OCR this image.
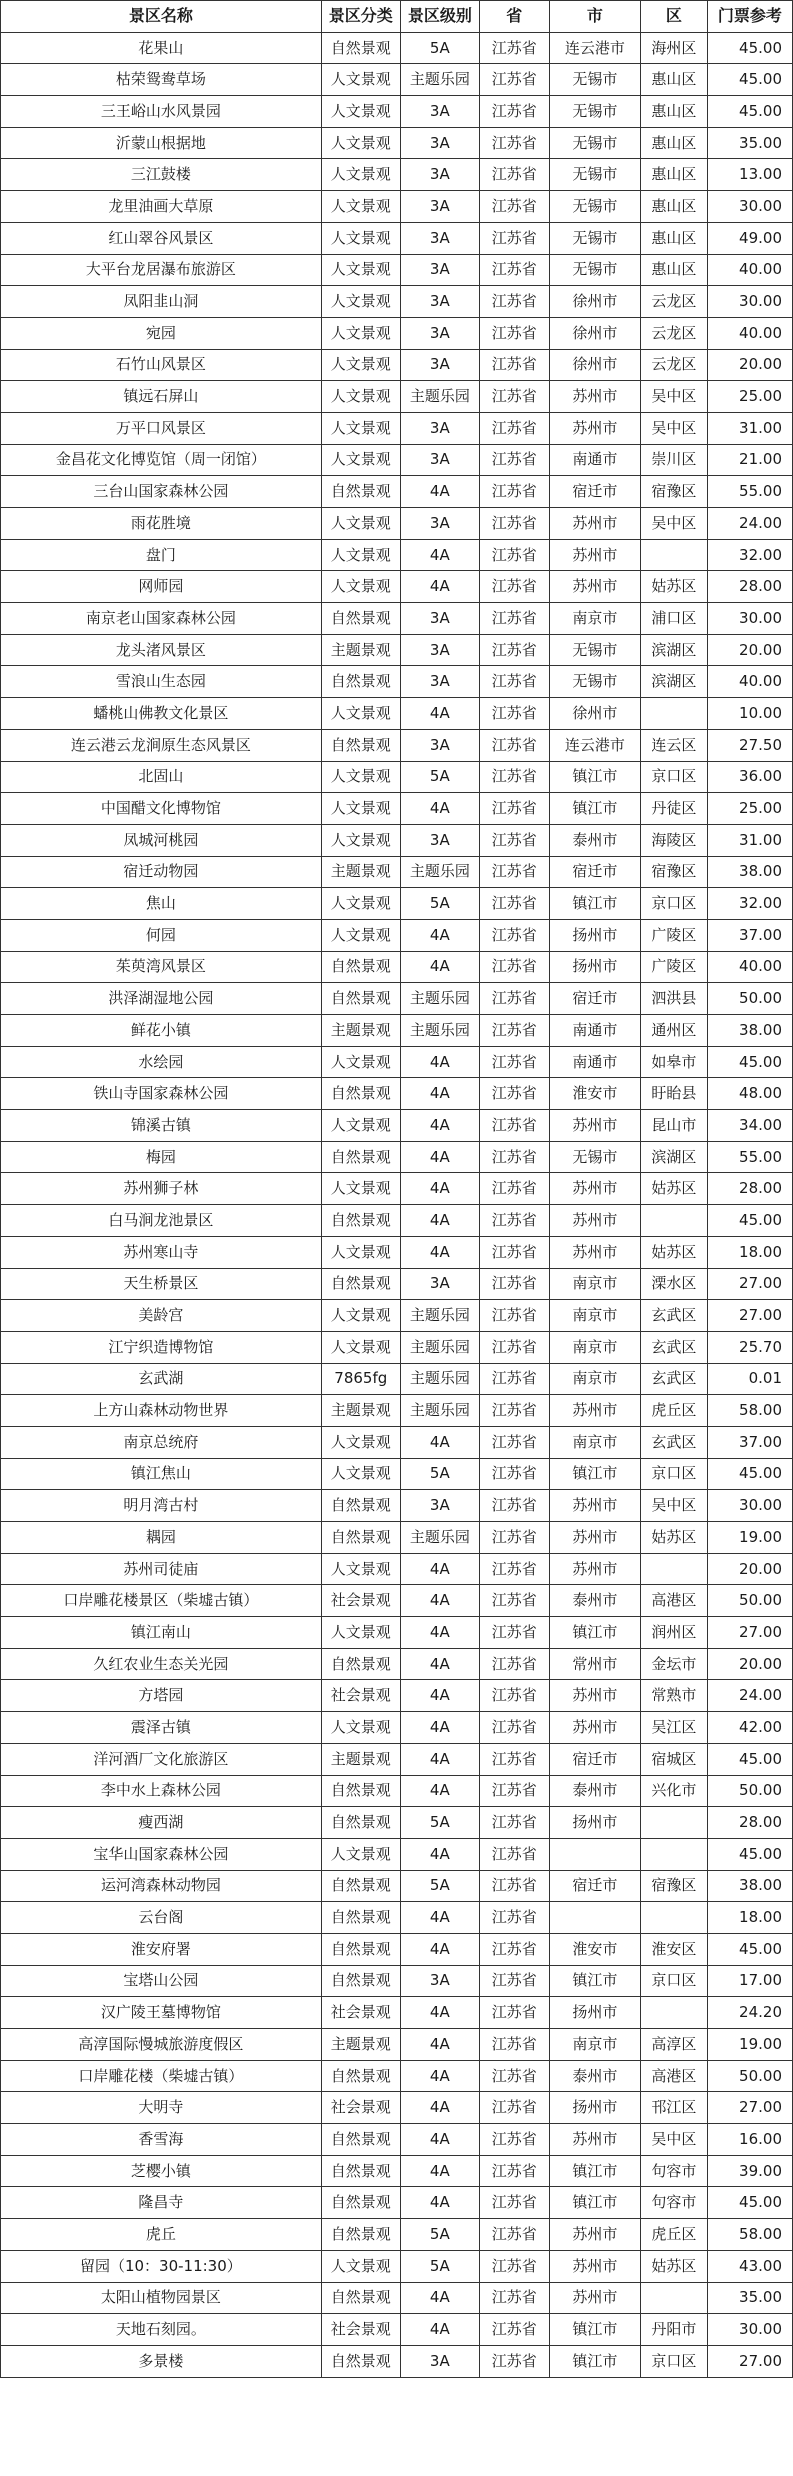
景区名称	景区分类	景区级别	省	市	区	门票参考
花果山	自然景观	5A	江苏省	连云港市	海州区	45.00
枯荣鸳鸯草场	人文景观	主题乐园	江苏省	无锡市	惠山区	45.00
三王峪山水风景园	人文景观	3A	江苏省	无锡市	惠山区	45.00
沂蒙山根据地	人文景观	3A	江苏省	无锡市	惠山区	35.00
三江鼓楼	人文景观	3A	江苏省	无锡市	惠山区	13.00
龙里油画大草原	人文景观	3A	江苏省	无锡市	惠山区	30.00
红山翠谷风景区	人文景观	3A	江苏省	无锡市	惠山区	49.00
大平台龙居瀑布旅游区	人文景观	3A	江苏省	无锡市	惠山区	40.00
凤阳韭山洞	人文景观	3A	江苏省	徐州市	云龙区	30.00
宛园	人文景观	3A	江苏省	徐州市	云龙区	40.00
石竹山风景区	人文景观	3A	江苏省	徐州市	云龙区	20.00
镇远石屏山	人文景观	主题乐园	江苏省	苏州市	吴中区	25.00
万平口风景区	人文景观	3A	江苏省	苏州市	吴中区	31.00
金昌花文化博览馆（周一闭馆）	人文景观	3A	江苏省	南通市	崇川区	21.00
三台山国家森林公园	自然景观	4A	江苏省	宿迁市	宿豫区	55.00
雨花胜境	人文景观	3A	江苏省	苏州市	吴中区	24.00
盘门	人文景观	4A	江苏省	苏州市		32.00
网师园	人文景观	4A	江苏省	苏州市	姑苏区	28.00
南京老山国家森林公园	自然景观	3A	江苏省	南京市	浦口区	30.00
龙头渚风景区	主题景观	3A	江苏省	无锡市	滨湖区	20.00
雪浪山生态园	自然景观	3A	江苏省	无锡市	滨湖区	40.00
蟠桃山佛教文化景区	人文景观	4A	江苏省	徐州市		10.00
连云港云龙涧原生态风景区	自然景观	3A	江苏省	连云港市	连云区	27.50
北固山	人文景观	5A	江苏省	镇江市	京口区	36.00
中国醋文化博物馆	人文景观	4A	江苏省	镇江市	丹徒区	25.00
凤城河桃园	人文景观	3A	江苏省	泰州市	海陵区	31.00
宿迁动物园	主题景观	主题乐园	江苏省	宿迁市	宿豫区	38.00
焦山	人文景观	5A	江苏省	镇江市	京口区	32.00
何园	人文景观	4A	江苏省	扬州市	广陵区	37.00
茱萸湾风景区	自然景观	4A	江苏省	扬州市	广陵区	40.00
洪泽湖湿地公园	自然景观	主题乐园	江苏省	宿迁市	泗洪县	50.00
鲜花小镇	主题景观	主题乐园	江苏省	南通市	通州区	38.00
水绘园	人文景观	4A	江苏省	南通市	如皋市	45.00
铁山寺国家森林公园	自然景观	4A	江苏省	淮安市	盱眙县	48.00
锦溪古镇	人文景观	4A	江苏省	苏州市	昆山市	34.00
梅园	自然景观	4A	江苏省	无锡市	滨湖区	55.00
苏州狮子林	人文景观	4A	江苏省	苏州市	姑苏区	28.00
白马涧龙池景区	自然景观	4A	江苏省	苏州市		45.00
苏州寒山寺	人文景观	4A	江苏省	苏州市	姑苏区	18.00
天生桥景区	自然景观	3A	江苏省	南京市	溧水区	27.00
美龄宫	人文景观	主题乐园	江苏省	南京市	玄武区	27.00
江宁织造博物馆	人文景观	主题乐园	江苏省	南京市	玄武区	25.70
玄武湖	7865fg	主题乐园	江苏省	南京市	玄武区	0.01
上方山森林动物世界	主题景观	主题乐园	江苏省	苏州市	虎丘区	58.00
南京总统府	人文景观	4A	江苏省	南京市	玄武区	37.00
镇江焦山	人文景观	5A	江苏省	镇江市	京口区	45.00
明月湾古村	自然景观	3A	江苏省	苏州市	吴中区	30.00
耦园	自然景观	主题乐园	江苏省	苏州市	姑苏区	19.00
苏州司徒庙	人文景观	4A	江苏省	苏州市		20.00
口岸雕花楼景区（柴墟古镇）	社会景观	4A	江苏省	泰州市	高港区	50.00
镇江南山	人文景观	4A	江苏省	镇江市	润州区	27.00
久红农业生态关光园	自然景观	4A	江苏省	常州市	金坛市	20.00
方塔园	社会景观	4A	江苏省	苏州市	常熟市	24.00
震泽古镇	人文景观	4A	江苏省	苏州市	吴江区	42.00
洋河酒厂文化旅游区	主题景观	4A	江苏省	宿迁市	宿城区	45.00
李中水上森林公园	自然景观	4A	江苏省	泰州市	兴化市	50.00
瘦西湖	自然景观	5A	江苏省	扬州市		28.00
宝华山国家森林公园	人文景观	4A	江苏省			45.00
运河湾森林动物园	自然景观	5A	江苏省	宿迁市	宿豫区	38.00
云台阁	自然景观	4A	江苏省			18.00
淮安府署	自然景观	4A	江苏省	淮安市	淮安区	45.00
宝塔山公园	自然景观	3A	江苏省	镇江市	京口区	17.00
汉广陵王墓博物馆	社会景观	4A	江苏省	扬州市		24.20
高淳国际慢城旅游度假区	主题景观	4A	江苏省	南京市	高淳区	19.00
口岸雕花楼（柴墟古镇）	自然景观	4A	江苏省	泰州市	高港区	50.00
大明寺	社会景观	4A	江苏省	扬州市	邗江区	27.00
香雪海	自然景观	4A	江苏省	苏州市	吴中区	16.00
芝樱小镇	自然景观	4A	江苏省	镇江市	句容市	39.00
隆昌寺	自然景观	4A	江苏省	镇江市	句容市	45.00
虎丘	自然景观	5A	江苏省	苏州市	虎丘区	58.00
留园（10：30-11:30）	人文景观	5A	江苏省	苏州市	姑苏区	43.00
太阳山植物园景区	自然景观	4A	江苏省	苏州市		35.00
天地石刻园。	社会景观	4A	江苏省	镇江市	丹阳市	30.00
多景楼	自然景观	3A	江苏省	镇江市	京口区	27.00
